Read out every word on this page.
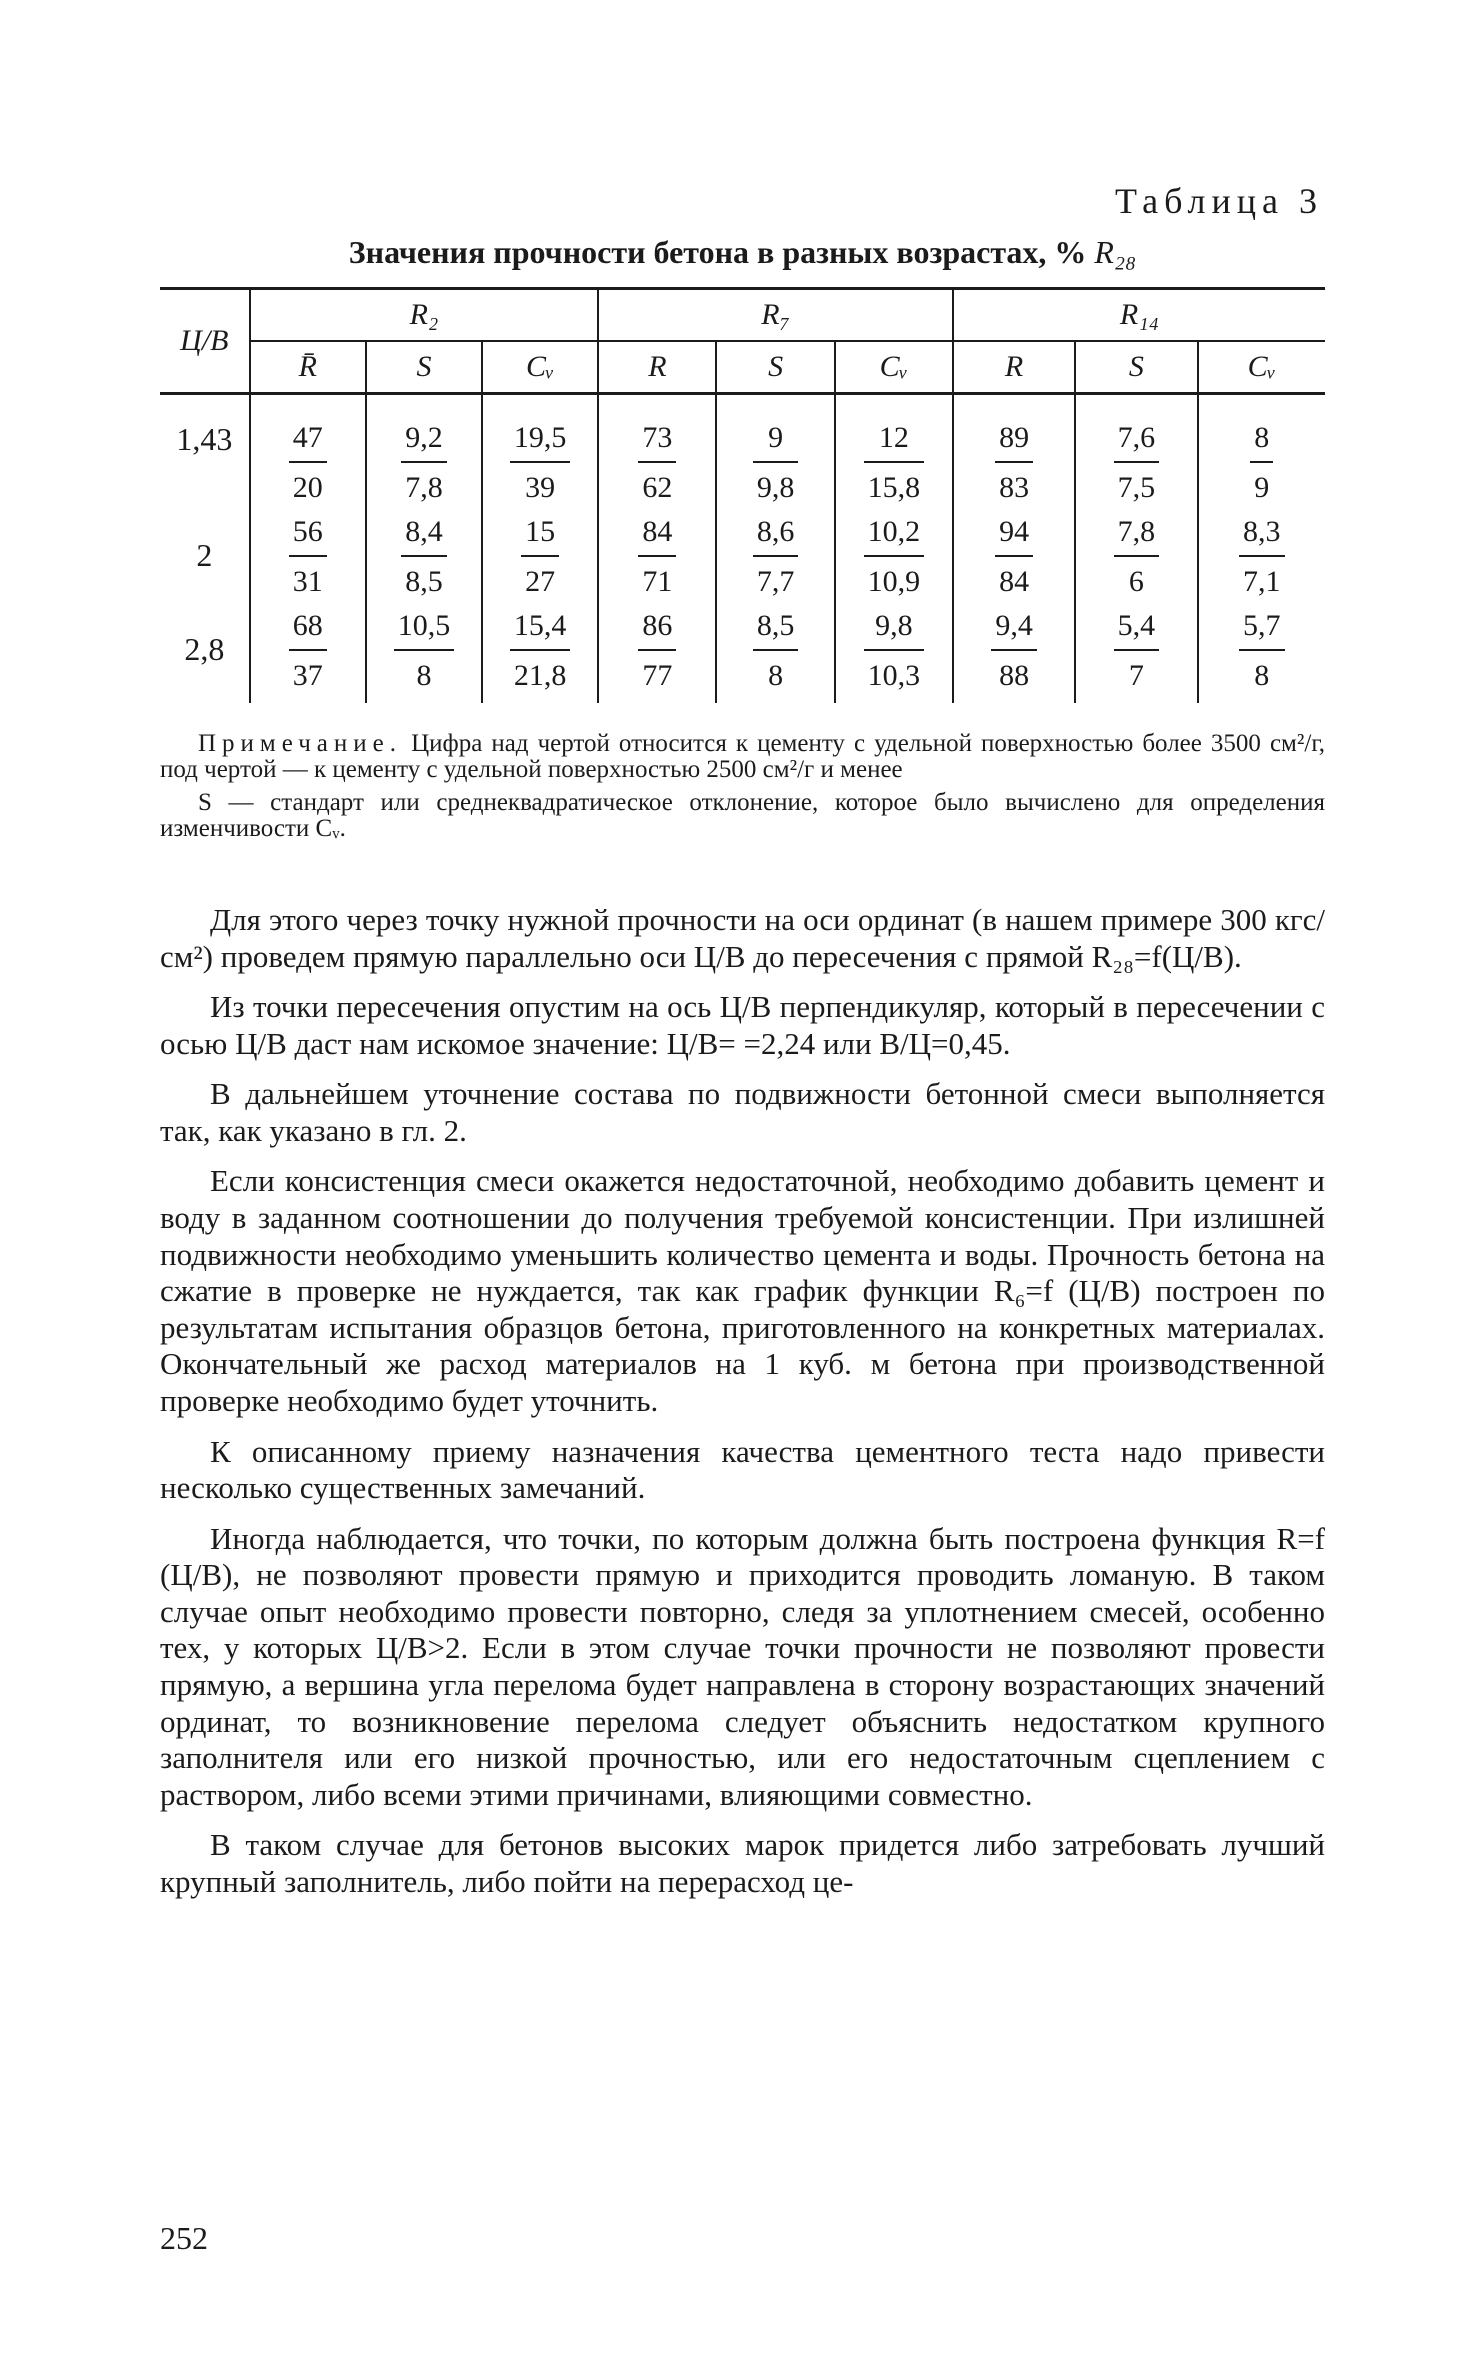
Таблица 3
Значения прочности бетона в разных возрастах, % R₂₈
Ц/В	R₂			R₇			R₁₄		
	R̄	S	Cᵥ	R	S	Cᵥ	R	S	Cᵥ
1,43	$\frac{47}{20}$	$\frac{9,2}{7,8}$	$\frac{19,5}{39}$	$\frac{73}{62}$	$\frac{9}{9,8}$	$\frac{12}{15,8}$	$\frac{89}{83}$	$\frac{7,6}{7,5}$	$\frac{8}{9}$

2	$\frac{56}{31}$	$\frac{8,4}{8,5}$	$\frac{15}{27}$	$\frac{84}{71}$	$\frac{8,6}{7,7}$	$\frac{10,2}{10,9}$	$\frac{94}{84}$	$\frac{7,8}{6}$	$\frac{8,3}{7,1}$

2,8	$\frac{68}{37}$	$\frac{10,5}{8}$	$\frac{15,4}{21,8}$	$\frac{86}{77}$	$\frac{8,5}{8}$	$\frac{9,8}{10,3}$	$\frac{9,4}{88}$	$\frac{5,4}{7}$	$\frac{5,7}{8}$

Примечание. Цифра над чертой относится к цементу с удельной поверхностью более 3500 см²/г, под чертой — к цементу с удельной поверхностью 2500 см²/г и менее

S — стандарт или среднеквадратическое отклонение, которое было вычислено для определения изменчивости Cᵥ.

Для этого через точку нужной прочности на оси ординат (в нашем примере 300 кгс/см²) проведем прямую параллельно оси Ц/В до пересечения с прямой R₂₈=f(Ц/В).

Из точки пересечения опустим на ось Ц/В перпендикуляр, который в пересечении с осью Ц/В даст нам искомое значение: Ц/В= =2,24 или В/Ц=0,45.

В дальнейшем уточнение состава по подвижности бетонной смеси выполняется так, как указано в гл. 2.

Если консистенция смеси окажется недостаточной, необходимо добавить цемент и воду в заданном соотношении до получения требуемой консистенции. При излишней подвижности необходимо уменьшить количество цемента и воды. Прочность бетона на сжатие в проверке не нуждается, так как график функции R₆=f (Ц/В) построен по результатам испытания образцов бетона, приготовленного на конкретных материалах. Окончательный же расход материалов на 1 куб. м бетона при производственной проверке необходимо будет уточнить.

К описанному приему назначения качества цементного теста надо привести несколько существенных замечаний.

Иногда наблюдается, что точки, по которым должна быть построена функция R=f (Ц/В), не позволяют провести прямую и приходится проводить ломаную. В таком случае опыт необходимо провести повторно, следя за уплотнением смесей, особенно тех, у которых Ц/В>2. Если в этом случае точки прочности не позволяют провести прямую, а вершина угла перелома будет направлена в сторону возрастающих значений ординат, то возникновение перелома следует объяснить недостатком крупного заполнителя или его низкой прочностью, или его недостаточным сцеплением с раствором, либо всеми этими причинами, влияющими совместно.

В таком случае для бетонов высоких марок придется либо затребовать лучший крупный заполнитель, либо пойти на перерасход це-

252
